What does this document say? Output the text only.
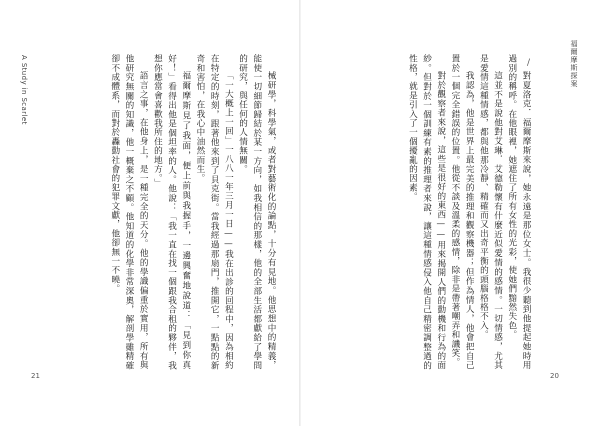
A Study in Scarlet	械研學，科學氣，或者對藝術化的論點，十分有見地。他思想中的精義，能使一切細節歸結於某一方向，如我相信的那樣，他的全部生活都獻給了學問的研究，與任何的人情無關。

「一大概上一回」一八八一年三月一日——我在出診的回程中，因為相約在特定的時刻，跟著他來到了貝克街。當我經過那扇門，推開它，一點點的新奇和害怕，在我心中油然而生。

福爾摩斯見了我面，便上前與我握手，一邊興奮地說道：「見到你真好！」看得出他是個坦率的人。他說：「我一直在找一個跟我合租的夥伴，我想你應當會喜歡我所住的地方。」

語言之事，在他身上，是一種完全的天分。他的學識偏重於實用，所有與他研究無關的知識，他一概棄之不顧。他知道的化學非常深奧，解剖學雖精確卻不成體系，而對於轟動社會的犯罪文獻，他卻無一不曉。

21
福爾摩斯探案
∕

對夏洛克．福爾摩斯來說，她永遠是那位女士。我很少聽到他提起她時用過別的稱呼。在他眼裡，她遮住了所有女性的光彩，使她們黯然失色。

這並不是說他對艾琳．艾德勒懷有什麼近似愛情的感情。一切情感，尤其是愛情這種情感，都與他那冷靜、精確而又出奇平衡的頭腦格格不入。

我認為，他是世界上最完美的推理和觀察機器；但作為情人，他會把自己置於一個完全錯誤的位置。他從不談及溫柔的感情，除非是帶著嘲弄和譏笑。

對於觀察者來說，這些是很好的東西——用來揭開人們的動機和行為的面紗。但對於一個訓練有素的推理者來說，讓這種情感侵入他自己精密調整過的性格，就是引入了一個擾亂的因素。

20
